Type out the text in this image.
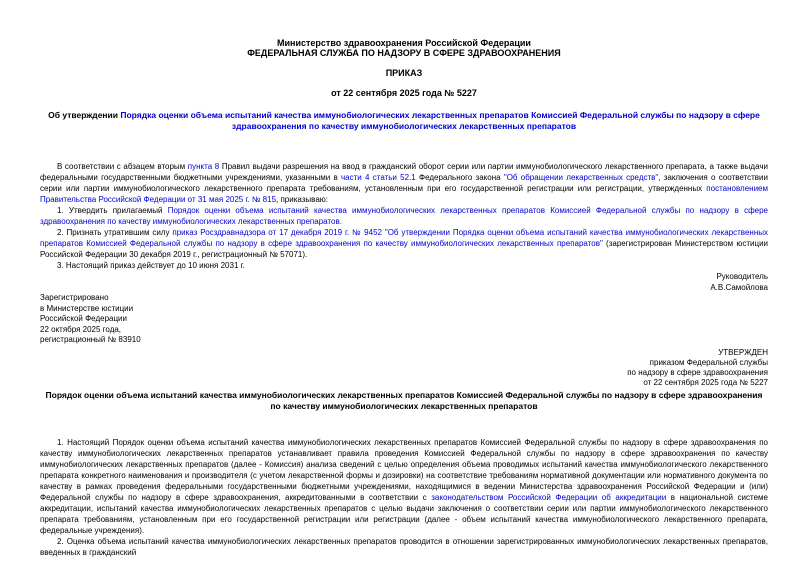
Министерство здравоохранения Российской Федерации
ФЕДЕРАЛЬНАЯ СЛУЖБА ПО НАДЗОРУ В СФЕРЕ ЗДРАВООХРАНЕНИЯ
ПРИКАЗ
от 22 сентября 2025 года № 5227
Об утверждении Порядка оценки объема испытаний качества иммунобиологических лекарственных препаратов Комиссией Федеральной службы по надзору в сфере здравоохранения по качеству иммунобиологических лекарственных препаратов
В соответствии с абзацем вторым пункта 8 Правил выдачи разрешения на ввод в гражданский оборот серии или партии иммунобиологического лекарственного препарата, а также выдачи федеральными государственными бюджетными учреждениями, указанными в части 4 статьи 52.1 Федерального закона "Об обращении лекарственных средств", заключения о соответствии серии или партии иммунобиологического лекарственного препарата требованиям, установленным при его государственной регистрации или регистрации, утвержденных постановлением Правительства Российской Федерации от 31 мая 2025 г. № 815, приказываю:
1. Утвердить прилагаемый Порядок оценки объема испытаний качества иммунобиологических лекарственных препаратов Комиссией Федеральной службы по надзору в сфере здравоохранения по качеству иммунобиологических лекарственных препаратов.
2. Признать утратившим силу приказ Росздравнадзора от 17 декабря 2019 г. № 9452 "Об утверждении Порядка оценки объема испытаний качества иммунобиологических лекарственных препаратов Комиссией Федеральной службы по надзору в сфере здравоохранения по качеству иммунобиологических лекарственных препаратов" (зарегистрирован Министерством юстиции Российской Федерации 30 декабря 2019 г., регистрационный № 57071).
3. Настоящий приказ действует до 10 июня 2031 г.
Руководитель
А.В.Самойлова
Зарегистрировано
в Министерстве юстиции
Российской Федерации
22 октября 2025 года,
регистрационный № 83910
УТВЕРЖДЕН
приказом Федеральной службы
по надзору в сфере здравоохранения
от 22 сентября 2025 года № 5227
Порядок оценки объема испытаний качества иммунобиологических лекарственных препаратов Комиссией Федеральной службы по надзору в сфере здравоохранения по качеству иммунобиологических лекарственных препаратов
1. Настоящий Порядок оценки объема испытаний качества иммунобиологических лекарственных препаратов Комиссией Федеральной службы по надзору в сфере здравоохранения по качеству иммунобиологических лекарственных препаратов устанавливает правила проведения Комиссией Федеральной службы по надзору в сфере здравоохранения по качеству иммунобиологических лекарственных препаратов (далее - Комиссия) анализа сведений с целью определения объема проводимых испытаний качества иммунобиологического лекарственного препарата конкретного наименования и производителя (с учетом лекарственной формы и дозировки) на соответствие требованиям нормативной документации или нормативного документа по качеству в рамках проведения федеральными государственными бюджетными учреждениями, находящимися в ведении Министерства здравоохранения Российской Федерации и (или) Федеральной службы по надзору в сфере здравоохранения, аккредитованными в соответствии с законодательством Российской Федерации об аккредитации в национальной системе аккредитации, испытаний качества иммунобиологических лекарственных препаратов с целью выдачи заключения о соответствии серии или партии иммунобиологического лекарственного препарата требованиям, установленным при его государственной регистрации или регистрации (далее - объем испытаний качества иммунобиологического лекарственного препарата, федеральные учреждения).
2. Оценка объема испытаний качества иммунобиологических лекарственных препаратов проводится в отношении зарегистрированных иммунобиологических лекарственных препаратов, введенных в гражданский
